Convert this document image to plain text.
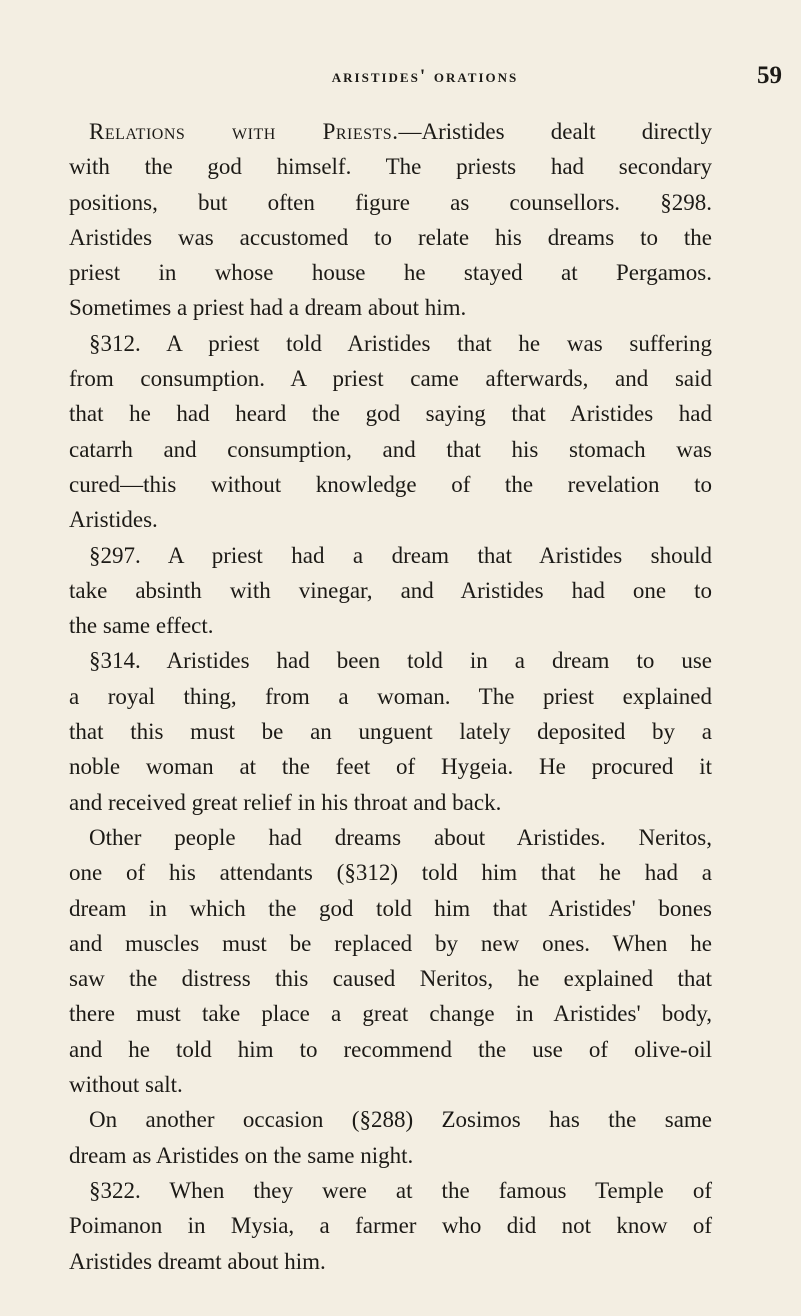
aristides' orations	59

Relations with Priests.—Aristides dealt directly
with the god himself. The priests had secondary
positions, but often figure as counsellors. §298.
Aristides was accustomed to relate his dreams to the
priest in whose house he stayed at Pergamos.
Sometimes a priest had a dream about him.

§312. A priest told Aristides that he was suffering
from consumption. A priest came afterwards, and said
that he had heard the god saying that Aristides had
catarrh and consumption, and that his stomach was
cured—this without knowledge of the revelation to
Aristides.

§297. A priest had a dream that Aristides should
take absinth with vinegar, and Aristides had one to
the same effect.

§314. Aristides had been told in a dream to use
a royal thing, from a woman. The priest explained
that this must be an unguent lately deposited by a
noble woman at the feet of Hygeia. He procured it
and received great relief in his throat and back.

Other people had dreams about Aristides. Neritos,
one of his attendants (§312) told him that he had a
dream in which the god told him that Aristides' bones
and muscles must be replaced by new ones. When he
saw the distress this caused Neritos, he explained that
there must take place a great change in Aristides' body,
and he told him to recommend the use of olive-oil
without salt.

On another occasion (§288) Zosimos has the same
dream as Aristides on the same night.

§322. When they were at the famous Temple of
Poimanon in Mysia, a farmer who did not know of
Aristides dreamt about him.
